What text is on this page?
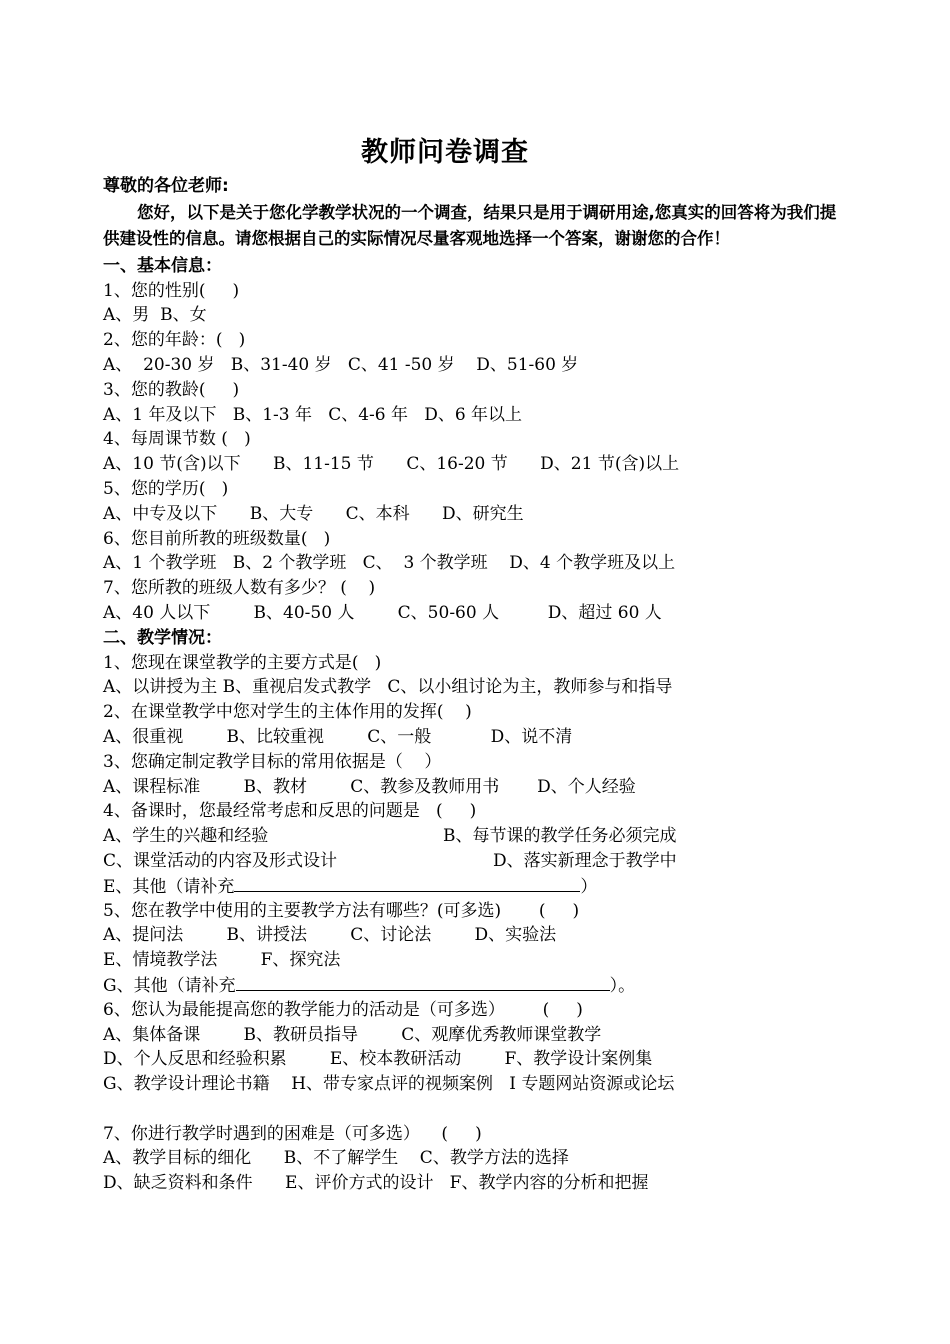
教师问卷调查
尊敬的各位老师:
您好，以下是关于您化学教学状况的一个调查，结果只是用于调研用途,您真实的回答将为我们提供建设性的信息。请您根据自己的实际情况尽量客观地选择一个答案，谢谢您的合作！
一、基本信息：
1、您的性别(     )
A、男  B、女
2、您的年龄：(   )
A、  20-30 岁   B、31-40 岁   C、41 -50 岁    D、51-60 岁
3、您的教龄(     )
A、1 年及以下   B、1-3 年   C、4-6 年   D、6 年以上
4、每周课节数 (   )
A、10 节(含)以下      B、11-15 节      C、16-20 节      D、21 节(含)以上
5、您的学历(   )
A、中专及以下      B、大专      C、本科      D、研究生
6、您目前所教的班级数量(   )
A、1 个教学班   B、2 个教学班   C、  3 个教学班    D、4 个教学班及以上
7、您所教的班级人数有多少？ (    )
A、40 人以下        B、40-50 人        C、50-60 人         D、超过 60 人
二、教学情况：
1、您现在课堂教学的主要方式是(   )
A、以讲授为主 B、重视启发式教学   C、以小组讨论为主，教师参与和指导
2、在课堂教学中您对学生的主体作用的发挥(    )
A、很重视        B、比较重视        C、一般           D、说不清
3、您确定制定教学目标的常用依据是（    ）
A、课程标准        B、教材        C、教参及教师用书       D、个人经验
4、备课时，您最经常考虑和反思的问题是   (     )

A、学生的兴趣和经验

	B、每节课的教学任务必须完成

C、课堂活动的内容及形式设计

	D、落实新理念于教学中

E、其他（请补充	）
5、您在教学中使用的主要教学方法有哪些？(可多选)       (     )
A、提问法        B、讲授法        C、讨论法        D、实验法
E、情境教学法        F、探究法
G、其他（请补充	）。
6、您认为最能提高您的教学能力的活动是（可多选）       (     )
A、集体备课        B、教研员指导        C、观摩优秀教师课堂教学
D、个人反思和经验积累        E、校本教研活动        F、教学设计案例集
G、教学设计理论书籍    H、带专家点评的视频案例   I 专题网站资源或论坛
7、你进行教学时遇到的困难是（可多选）    (     )
A、教学目标的细化      B、不了解学生    C、教学方法的选择
D、缺乏资料和条件      E、评价方式的设计   F、教学内容的分析和把握
